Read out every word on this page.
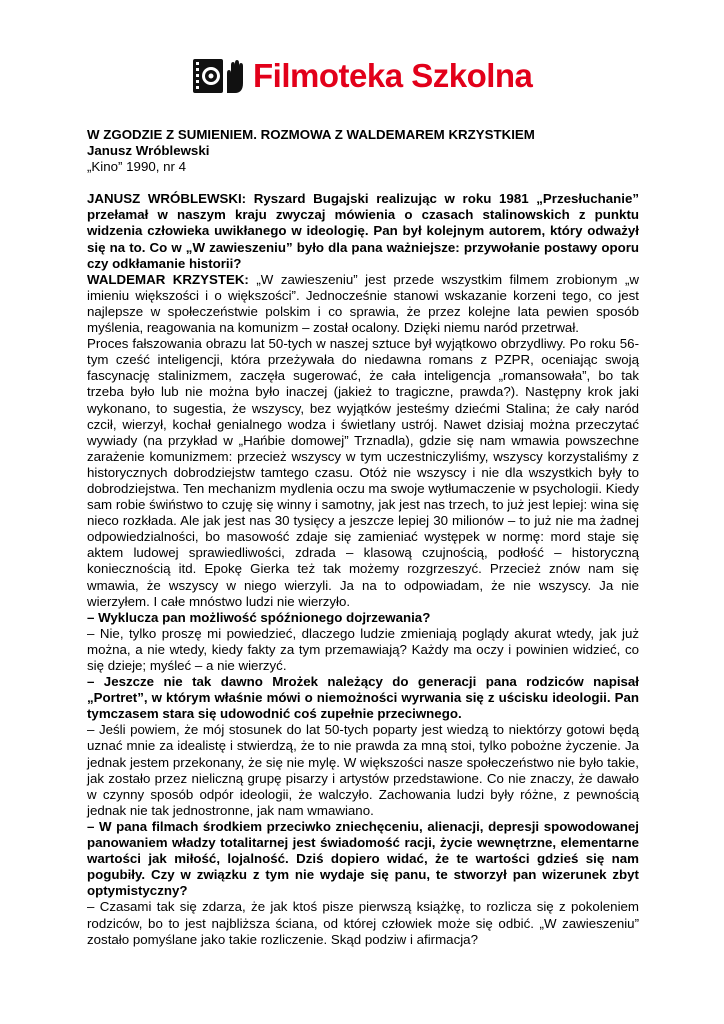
Filmoteka Szkolna

W ZGODZIE Z SUMIENIEM. ROZMOWA Z WALDEMAREM KRZYSTKIEM

Janusz Wróblewski

„Kino” 1990, nr 4

JANUSZ WRÓBLEWSKI: Ryszard Bugajski realizując w roku 1981 „Przesłuchanie” przełamał w naszym kraju zwyczaj mówienia o czasach stalinowskich z punktu widzenia człowieka uwikłanego w ideologię. Pan był kolejnym autorem, który odważył się na to. Co w „W zawieszeniu” było dla pana ważniejsze: przywołanie postawy oporu czy odkłamanie historii?

WALDEMAR KRZYSTEK: „W zawieszeniu” jest przede wszystkim filmem zrobionym „w imieniu większości i o większości”. Jednocześnie stanowi wskazanie korzeni tego, co jest najlepsze w społeczeństwie polskim i co sprawia, że przez kolejne lata pewien sposób myślenia, reagowania na komunizm – został ocalony. Dzięki niemu naród przetrwał.

Proces fałszowania obrazu lat 50-tych w naszej sztuce był wyjątkowo obrzydliwy. Po roku 56-tym cześć inteligencji, która przeżywała do niedawna romans z PZPR, oceniając swoją fascynację stalinizmem, zaczęła sugerować, że cała inteligencja „romansowała”, bo tak trzeba było lub nie można było inaczej (jakież to tragiczne, prawda?). Następny krok jaki wykonano, to sugestia, że wszyscy, bez wyjątków jesteśmy dziećmi Stalina; że cały naród czcił, wierzył, kochał genialnego wodza i świetlany ustrój. Nawet dzisiaj można przeczytać wywiady (na przykład w „Hańbie domowej” Trznadla), gdzie się nam wmawia powszechne zarażenie komunizmem: przecież wszyscy w tym uczestniczyliśmy, wszyscy korzystaliśmy z historycznych dobrodziejstw tamtego czasu. Otóż nie wszyscy i nie dla wszystkich były to dobrodziejstwa. Ten mechanizm mydlenia oczu ma swoje wytłumaczenie w psychologii. Kiedy sam robie świństwo to czuję się winny i samotny, jak jest nas trzech, to już jest lepiej: wina się nieco rozkłada. Ale jak jest nas 30 tysięcy a jeszcze lepiej 30 milionów – to już nie ma żadnej odpowiedzialności, bo masowość zdaje się zamieniać występek w normę: mord staje się aktem ludowej sprawiedliwości, zdrada – klasową czujnością, podłość – historyczną koniecznością itd. Epokę Gierka też tak możemy rozgrzeszyć. Przecież znów nam się wmawia, że wszyscy w niego wierzyli. Ja na to odpowiadam, że nie wszyscy. Ja nie wierzyłem. I całe mnóstwo ludzi nie wierzyło.

– Wyklucza pan możliwość spóźnionego dojrzewania?

– Nie, tylko proszę mi powiedzieć, dlaczego ludzie zmieniają poglądy akurat wtedy, jak już można, a nie wtedy, kiedy fakty za tym przemawiają? Każdy ma oczy i powinien widzieć, co się dzieje; myśleć – a nie wierzyć.

– Jeszcze nie tak dawno Mrożek należący do generacji pana rodziców napisał „Portret”, w którym właśnie mówi o niemożności wyrwania się z uścisku ideologii. Pan tymczasem stara się udowodnić coś zupełnie przeciwnego.

– Jeśli powiem, że mój stosunek do lat 50-tych poparty jest wiedzą to niektórzy gotowi będą uznać mnie za idealistę i stwierdzą, że to nie prawda za mną stoi, tylko pobożne życzenie. Ja jednak jestem przekonany, że się nie mylę. W większości nasze społeczeństwo nie było takie, jak zostało przez nieliczną grupę pisarzy i artystów przedstawione. Co nie znaczy, że dawało w czynny sposób odpór ideologii, że walczyło. Zachowania ludzi były różne, z pewnością jednak nie tak jednostronne, jak nam wmawiano.

– W pana filmach środkiem przeciwko zniechęceniu, alienacji, depresji spowodowanej panowaniem władzy totalitarnej jest świadomość racji, życie wewnętrzne, elementarne wartości jak miłość, lojalność. Dziś dopiero widać, że te wartości gdzieś się nam pogubiły. Czy w związku z tym nie wydaje się panu, te stworzył pan wizerunek zbyt optymistyczny?

– Czasami tak się zdarza, że jak ktoś pisze pierwszą książkę, to rozlicza się z pokoleniem rodziców, bo to jest najbliższa ściana, od której człowiek może się odbić. „W zawieszeniu” zostało pomyślane jako takie rozliczenie. Skąd podziw i afirmacja?
